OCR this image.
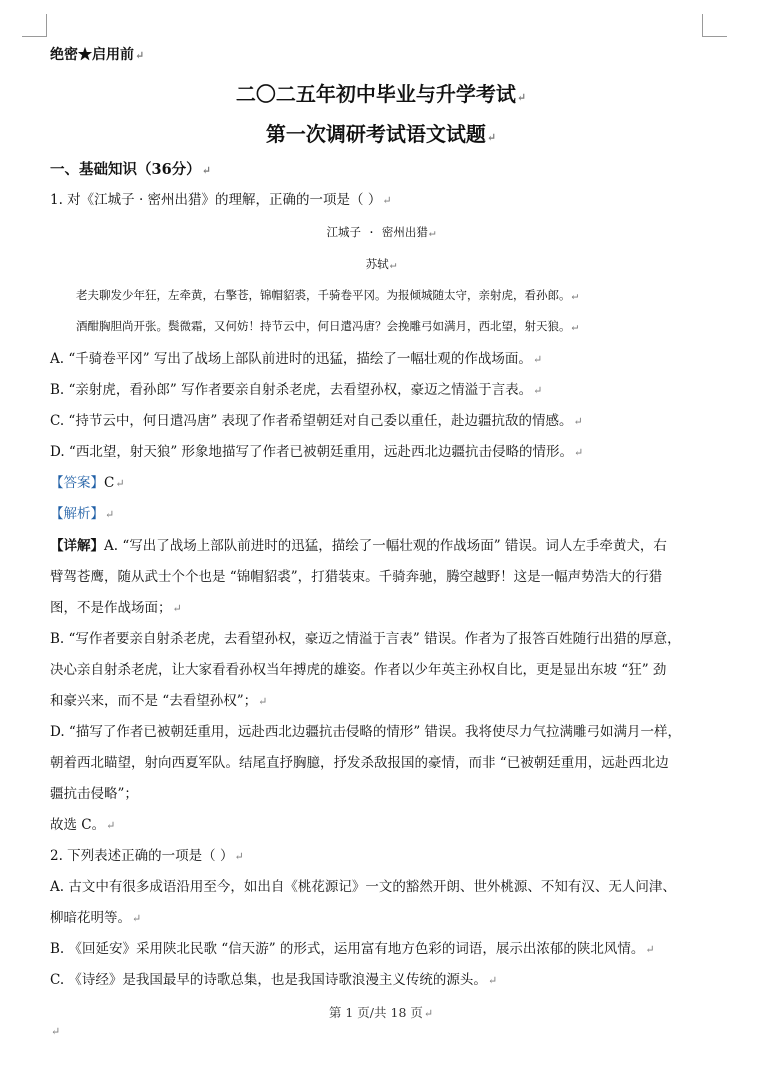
绝密★启用前↵
二〇二五年初中毕业与升学考试↵
第一次调研考试语文试题↵
一、基础知识（36分）↵
1. 对《江城子 · 密州出猎》的理解，正确的一项是（ ）↵
江城子 · 密州出猎↵
苏轼↵
老夫聊发少年狂，左牵黄，右擎苍，锦帽貂裘，千骑卷平冈。为报倾城随太守，亲射虎，看孙郎。↵
酒酣胸胆尚开张。鬓微霜，又何妨！持节云中，何日遣冯唐？会挽雕弓如满月，西北望，射天狼。↵
A. “千骑卷平冈” 写出了战场上部队前进时的迅猛，描绘了一幅壮观的作战场面。↵
B. “亲射虎，看孙郎” 写作者要亲自射杀老虎，去看望孙权，豪迈之情溢于言表。↵
C. “持节云中，何日遣冯唐” 表现了作者希望朝廷对自己委以重任，赴边疆抗敌的情感。↵
D. “西北望，射天狼” 形象地描写了作者已被朝廷重用，远赴西北边疆抗击侵略的情形。↵
【答案】C↵
【解析】↵
【详解】A. “写出了战场上部队前进时的迅猛，描绘了一幅壮观的作战场面” 错误。词人左手牵黄犬，右
臂驾苍鹰，随从武士个个也是 “锦帽貂裘”，打猎装束。千骑奔驰，腾空越野！这是一幅声势浩大的行猎
图，不是作战场面；↵
B. “写作者要亲自射杀老虎，去看望孙权，豪迈之情溢于言表” 错误。作者为了报答百姓随行出猎的厚意，
决心亲自射杀老虎，让大家看看孙权当年搏虎的雄姿。作者以少年英主孙权自比，更是显出东坡 “狂” 劲
和豪兴来，而不是 “去看望孙权”；↵
D. “描写了作者已被朝廷重用，远赴西北边疆抗击侵略的情形” 错误。我将使尽力气拉满雕弓如满月一样，
朝着西北瞄望，射向西夏军队。结尾直抒胸臆，抒发杀敌报国的豪情，而非 “已被朝廷重用，远赴西北边
疆抗击侵略”；
故选 C。↵
2. 下列表述正确的一项是（ ）↵
A. 古文中有很多成语沿用至今，如出自《桃花源记》一文的豁然开朗、世外桃源、不知有汉、无人问津、
柳暗花明等。↵
B. 《回延安》采用陕北民歌 “信天游” 的形式，运用富有地方色彩的词语，展示出浓郁的陕北风情。↵
C. 《诗经》是我国最早的诗歌总集，也是我国诗歌浪漫主义传统的源头。↵
第 1 页/共 18 页↵
↵
